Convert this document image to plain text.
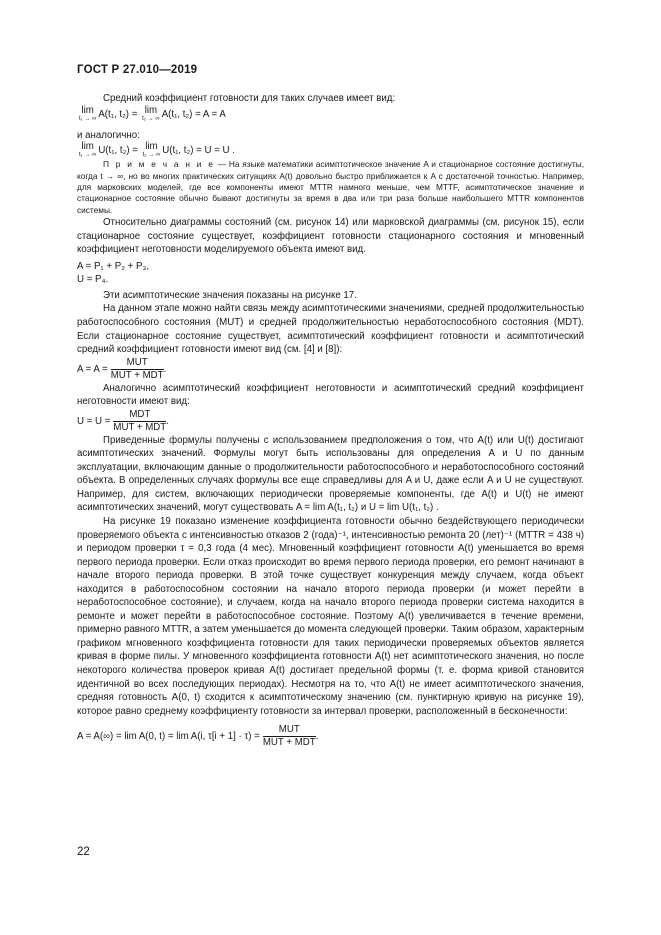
ГОСТ Р 27.010—2019

Средний коэффициент готовности для таких случаев имеет вид:

lim
t₁ → ∞ A(t₁, t₂) = lim
t₂ → ∞ A(t₁, t₂) = A = A

и аналогично:

lim
t₁ → ∞ U(t₁, t₂) = lim
t₂ → ∞ U(t₁, t₂) = U = U .

П р и м е ч а н и е — На языке математики асимптотическое значение A и стационарное состояние достигнуты, когда t → ∞, но во многих практических ситуациях A(t) довольно быстро приближается к A с достаточной точностью. Например, для марковских моделей, где все компоненты имеют MTTR намного меньше, чем MTTF, асимптотическое значение и стационарное состояние обычно бывают достигнуты за время в два или три раза больше наибольшего MTTR компонентов системы.

Относительно диаграммы состояний (см. рисунок 14) или марковской диаграммы (см. рисунок 15), если стационарное состояние существует, коэффициент готовности стационарного состояния и мгновенный коэффициент неготовности моделируемого объекта имеют вид.

A = P₁ + P₂ + P₃,

U = P₄.

Эти асимптотические значения показаны на рисунке 17.

На данном этапе можно найти связь между асимптотическими значениями, средней продолжительностью работоспособного состояния (MUT) и средней продолжительностью неработоспособного состояния (MDT). Если стационарное состояние существует, асимптотический коэффициент готовности и асимптотический средний коэффициент готовности имеют вид (см. [4] и [8]):

$A = A = \frac{\text{MUT}}{\text{MUT + MDT}}$ .

Аналогично асимптотический коэффициент неготовности и асимптотический средний коэффициент неготовности имеют вид:

$U = U = \frac{\text{MDT}}{\text{MUT + MDT}}$ .

Приведенные формулы получены с использованием предположения о том, что A(t) или U(t) достигают асимптотических значений. Формулы могут быть использованы для определения A и U по данным эксплуатации, включающим данные о продолжительности работоспособного и неработоспособного состояний объекта. В определенных случаях формулы все еще справедливы для A и U, даже если A и U не существуют. Например, для систем, включающих периодически проверяемые компоненты, где A(t) и U(t) не имеют асимптотических значений, могут существовать A = lim A(t₁, t₂) и U = lim U(t₁, t₂) .

На рисунке 19 показано изменение коэффициента готовности обычно бездействующего периодически проверяемого объекта с интенсивностью отказов 2 (года)⁻¹, интенсивностью ремонта 20 (лет)⁻¹ (MTTR = 438 ч) и периодом проверки τ = 0,3 года (4 мес). Мгновенный коэффициент готовности A(t) уменьшается во время первого периода проверки. Если отказ происходит во время первого периода проверки, его ремонт начинают в начале второго периода проверки. В этой точке существует конкуренция между случаем, когда объект находится в работоспособном состоянии на начало второго периода проверки (и может перейти в неработоспособное состояние), и случаем, когда на начало второго периода проверки система находится в ремонте и может перейти в работоспособное состояние. Поэтому A(t) увеличивается в течение времени, примерно равного MTTR, а затем уменьшается до момента следующей проверки. Таким образом, характерным графиком мгновенного коэффициента готовности для таких периодически проверяемых объектов является кривая в форме пилы. У мгновенного коэффициента готовности A(t) нет асимптотического значения, но после некоторого количества проверок кривая A(t) достигает предельной формы (т. е. форма кривой становится идентичной во всех последующих периодах). Несмотря на то, что A(t) не имеет асимптотического значения, средняя готовность A(0, t) сходится к асимптотическому значению (см. пунктирную кривую на рисунке 19), которое равно среднему коэффициенту готовности за интервал проверки, расположенный в бесконечности:

A = A(∞) = lim A(0, t) = lim A(i, $\tau[i + 1] \cdot \tau) = \frac{\text{MUT}}{\text{MUT + MDT}}$ .

22
